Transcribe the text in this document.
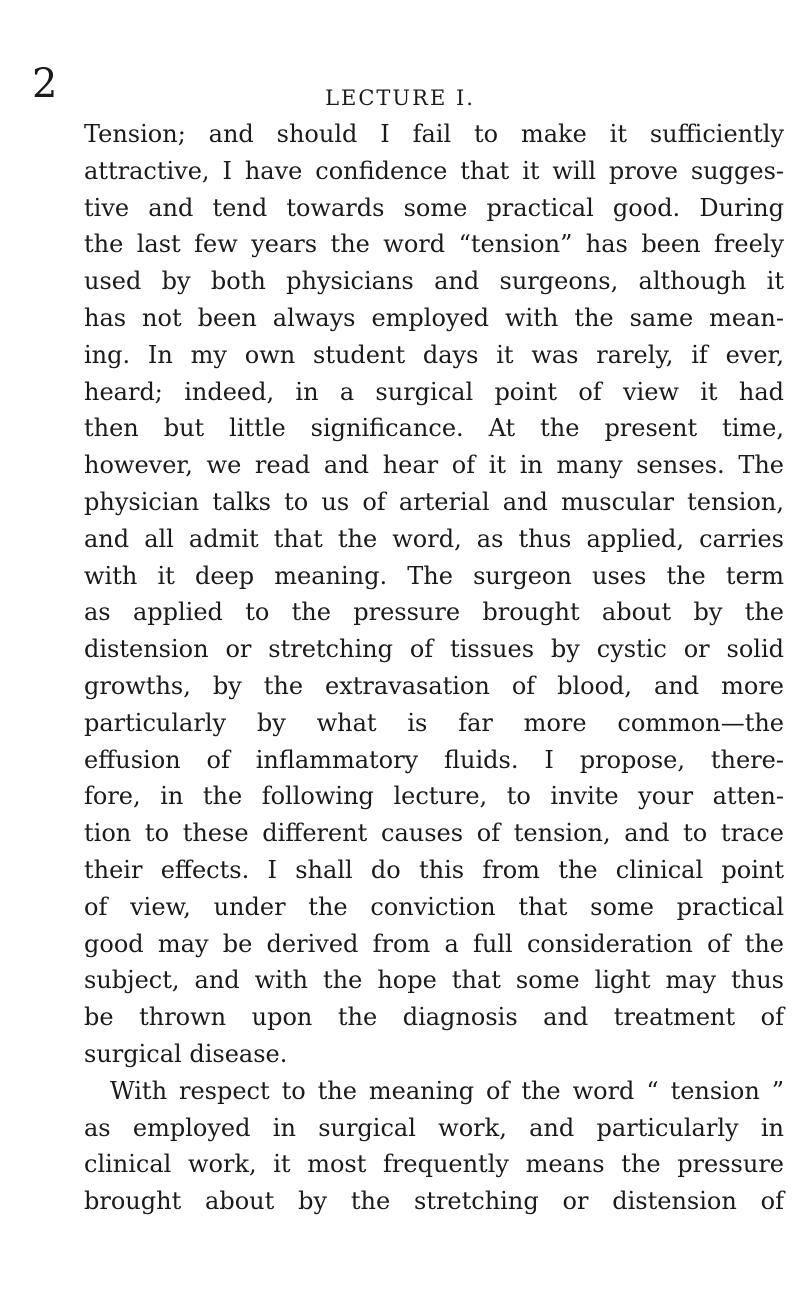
2	LECTURE I.
Tension; and should I fail to make it sufficiently
attractive, I have confidence that it will prove sugges-
tive and tend towards some practical good. During
the last few years the word “tension” has been freely
used by both physicians and surgeons, although it
has not been always employed with the same mean-
ing. In my own student days it was rarely, if ever,
heard; indeed, in a surgical point of view it had
then but little significance. At the present time,
however, we read and hear of it in many senses. The
physician talks to us of arterial and muscular tension,
and all admit that the word, as thus applied, carries
with it deep meaning. The surgeon uses the term
as applied to the pressure brought about by the
distension or stretching of tissues by cystic or solid
growths, by the extravasation of blood, and more
particularly by what is far more common—the
effusion of inflammatory fluids. I propose, there-
fore, in the following lecture, to invite your atten-
tion to these different causes of tension, and to trace
their effects. I shall do this from the clinical point
of view, under the conviction that some practical
good may be derived from a full consideration of the
subject, and with the hope that some light may thus
be thrown upon the diagnosis and treatment of
surgical disease.
With respect to the meaning of the word “ tension ”
as employed in surgical work, and particularly in
clinical work, it most frequently means the pressure
brought about by the stretching or distension of
